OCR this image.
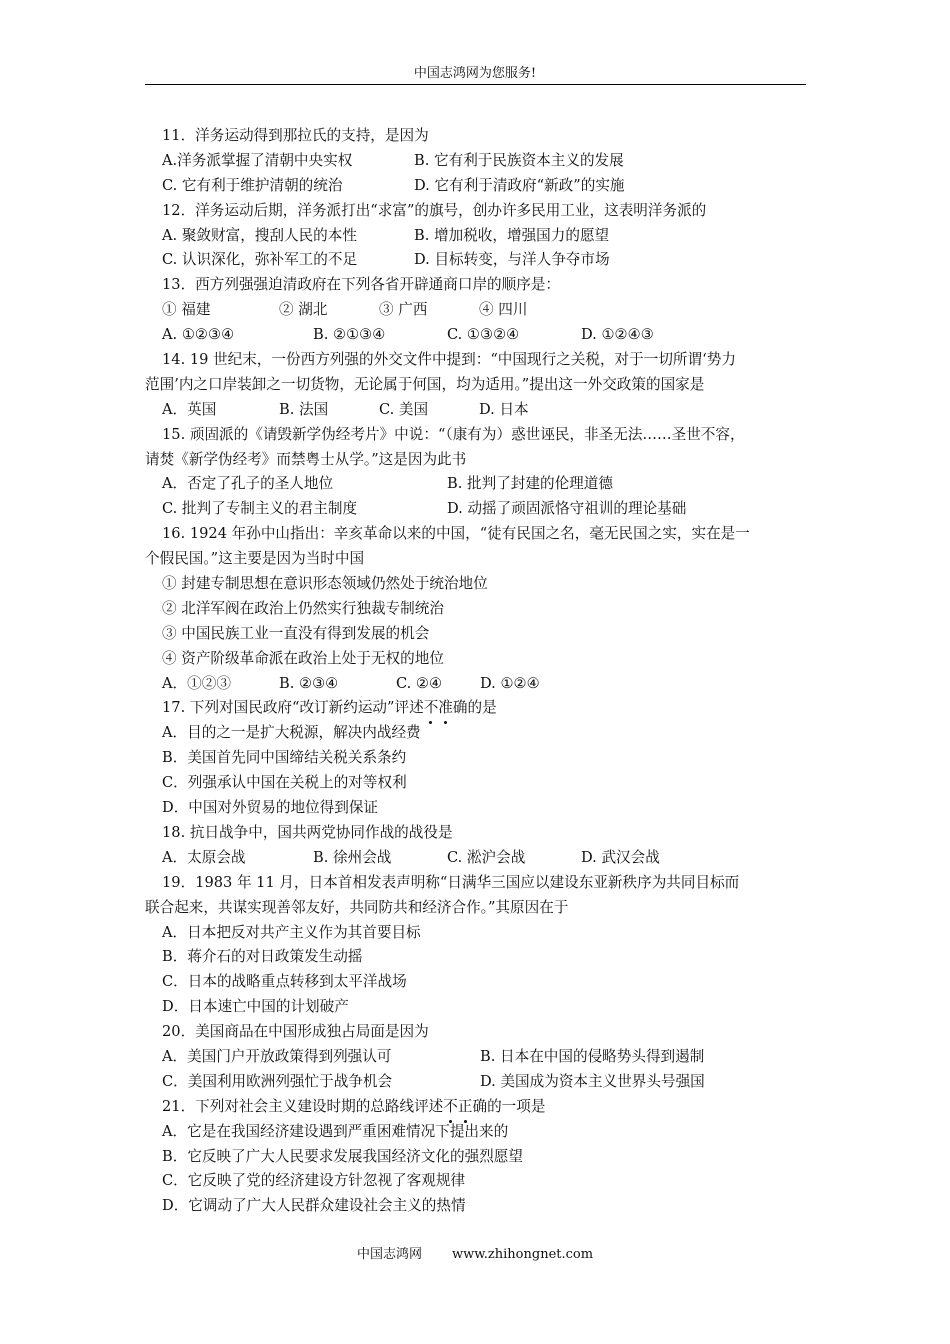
中国志鸿网为您服务!
11．洋务运动得到那拉氏的支持，是因为
A.洋务派掌握了清朝中央实权	B. 它有利于民族资本主义的发展
C. 它有利于维护清朝的统治	D. 它有利于清政府“新政”的实施
12．洋务运动后期，洋务派打出“求富”的旗号，创办许多民用工业，这表明洋务派的
A. 聚敛财富，搜刮人民的本性	B. 增加税收，增强国力的愿望
C. 认识深化，弥补军工的不足	D. 目标转变，与洋人争夺市场
13．西方列强强迫清政府在下列各省开辟通商口岸的顺序是：
① 福建	② 湖北	③ 广西	④ 四川
A. ①②③④	B. ②①③④	C. ①③②④	D. ①②④③
14. 19 世纪末，一份西方列强的外交文件中提到：“中国现行之关税，对于一切所谓‘势力
范围’内之口岸装卸之一切货物，无论属于何国，均为适用。”提出这一外交政策的国家是
A．英国	B. 法国	C. 美国	D. 日本
15. 顽固派的《请毁新学伪经考片》中说：“（康有为）惑世诬民，非圣无法……圣世不容，
请焚《新学伪经考》而禁粤士从学。”这是因为此书
A．否定了孔子的圣人地位	B. 批判了封建的伦理道德
C. 批判了专制主义的君主制度	D. 动摇了顽固派恪守祖训的理论基础
16. 1924 年孙中山指出：辛亥革命以来的中国，“徒有民国之名，毫无民国之实，实在是一
个假民国。”这主要是因为当时中国
① 封建专制思想在意识形态领域仍然处于统治地位
② 北洋军阀在政治上仍然实行独裁专制统治
③ 中国民族工业一直没有得到发展的机会
④ 资产阶级革命派在政治上处于无权的地位
A．①②③	B. ②③④	C. ②④	D. ①②④
17. 下列对国民政府“改订新约运动”评述不准确的是
A．目的之一是扩大税源，解决内战经费
B．美国首先同中国缔结关税关系条约
C．列强承认中国在关税上的对等权利
D．中国对外贸易的地位得到保证
18. 抗日战争中，国共两党协同作战的战役是
A．太原会战	B. 徐州会战	C. 淞沪会战	D. 武汉会战
19．1983 年 11 月，日本首相发表声明称“日满华三国应以建设东亚新秩序为共同目标而
联合起来，共谋实现善邻友好，共同防共和经济合作。”其原因在于
A．日本把反对共产主义作为其首要目标
B．蒋介石的对日政策发生动摇
C．日本的战略重点转移到太平洋战场
D．日本速亡中国的计划破产
20．美国商品在中国形成独占局面是因为
A．美国门户开放政策得到列强认可	B. 日本在中国的侵略势头得到遏制
C．美国利用欧洲列强忙于战争机会	D. 美国成为资本主义世界头号强国
21．下列对社会主义建设时期的总路线评述不正确的一项是
A．它是在我国经济建设遇到严重困难情况下提出来的
B．它反映了广大人民要求发展我国经济文化的强烈愿望
C．它反映了党的经济建设方针忽视了客观规律
D．它调动了广大人民群众建设社会主义的热情
中国志鸿网 www.zhihongnet.com
